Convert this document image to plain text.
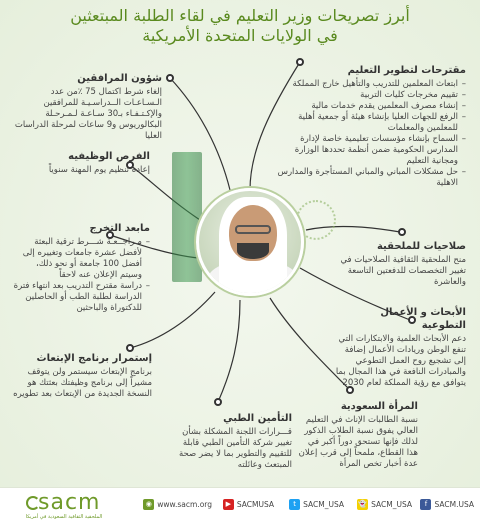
أبرز تصريحات وزير التعليم في لقاء الطلبة المبتعثين
في الولايات المتحدة الأمريكية
مقترحات لتطوير التعليم
– ابتعاث المعلمين للتدريب والتأهيل خارج المملكة
– تقييم مخرجات كليات التربية
– إنشاء مصرف المعلمين يقدم خدمات مالية
– الرفع للجهات العليا بإنشاء هيئة أو جمعية أهلية للمعلمين والمعلمات
– السماح بإنشاء مؤسسات تعليمية خاصة لإدارة المدارس الحكومية ضمن أنظمة تحددها الوزارة ومجانية التعليم
– حل مشكلات المباني والمباني المستأجرة والمدارس الاهلية
صلاحيات للملحقية

منح الملحقية الثقافية الصلاحيات في تغيير التخصصات للدفعتين التاسعة والعاشرة

الأبحاث و الأعمال التطوعية

دعم الأبحاث العلمية والابتكارات التي تنفع الوطن وريادات الأعمال إضافة إلى تشجيع روح العمل التطوعي والمبادرات النافعة في هذا المجال بما يتوافق مع رؤية المملكة لعام 2030

المرأة السعودية

نسبة الطالبات الإناث في التعليم العالي يفوق نسبة الطلاب الذكور لذلك فإنها تستحق دوراً أكبر في هذا القطاع، ملمحاً إلى قرب إعلان عدة أخبار تخص المرأة

التأمين الطبي

قـــرارات اللجنة المشكلة بشأن تغيير شركة التأمين الطبي قابلة للتقييم والتطوير بما لا يضر صحة المبتعث وعائلته

إستمرار برنامج الإبتعاث

برنامج الإبتعاث سيستمر ولن يتوقف مشيراً إلى برنامج وظيفتك بعثتك هو النسخة الجديدة من الإبتعاث بعد تطويره

مابعد التخرج
– مـراجــعـة شـــرط ترقية البعثة لأفضل عشرة جامعات وتغييره إلى أفضل 100 جامعة أو نحو ذلك، وسيتم الإعلان عنه لاحقاً
– دراسة مقترح التدريب بعد انتهاء فترة الدراسة لطلبة الطب أو الحاصلين للدكتوراة والباحثين
الفرص الوظيفيه

إعادة تنظيم يوم المهنة سنوياً

شؤون المرافقين

إلغاء شرط اكتمال 75 ٪من عدد الـسـاعـات الــدراسـيـة للمرافقين والإكـتـفـاء بـ30 سـاعـة لـمـرحـلة البكالوريوس و9 ساعات لمرحلة الدراسات العليا

f SACM.USA
👻 SACM_USA
t SACM_USA
▶ SACMUSA
◉ www.sacm.org
sacm
الملحقية الثقافية السعودية في أمريكا
